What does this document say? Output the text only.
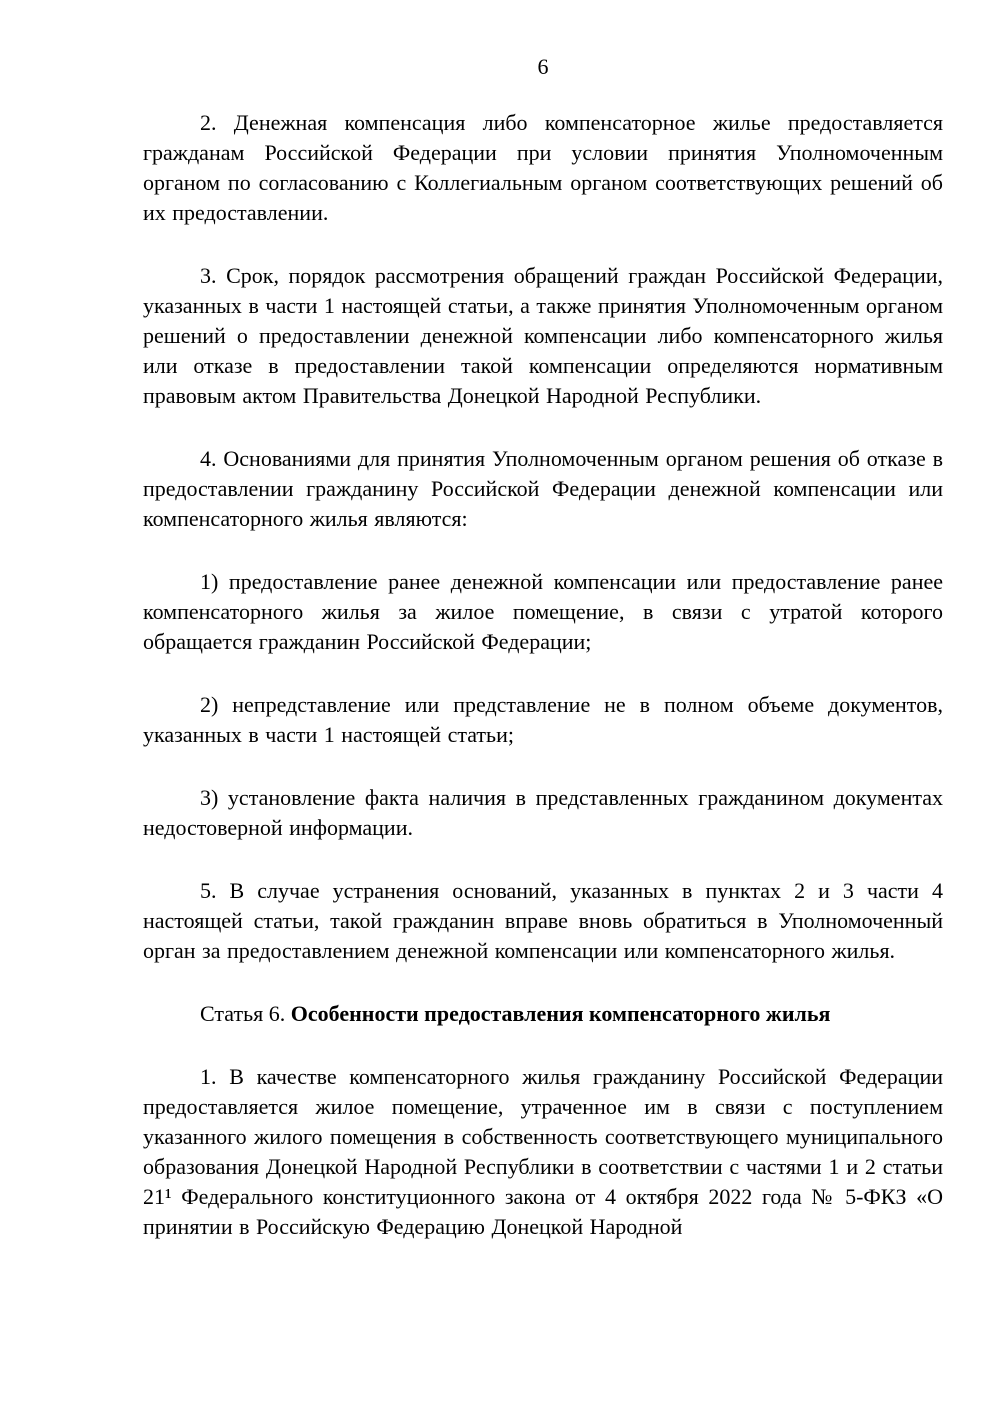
6

2. Денежная компенсация либо компенсаторное жилье предоставляется гражданам Российской Федерации при условии принятия Уполномоченным органом по согласованию с Коллегиальным органом соответствующих решений об их предоставлении.

3. Срок, порядок рассмотрения обращений граждан Российской Федерации, указанных в части 1 настоящей статьи, а также принятия Уполномоченным органом решений о предоставлении денежной компенсации либо компенсаторного жилья или отказе в предоставлении такой компенсации определяются нормативным правовым актом Правительства Донецкой Народной Республики.

4. Основаниями для принятия Уполномоченным органом решения об отказе в предоставлении гражданину Российской Федерации денежной компенсации или компенсаторного жилья являются:

1) предоставление ранее денежной компенсации или предоставление ранее компенсаторного жилья за жилое помещение, в связи с утратой которого обращается гражданин Российской Федерации;

2) непредставление или представление не в полном объеме документов, указанных в части 1 настоящей статьи;

3) установление факта наличия в представленных гражданином документах недостоверной информации.

5. В случае устранения оснований, указанных в пунктах 2 и 3 части 4 настоящей статьи, такой гражданин вправе вновь обратиться в Уполномоченный орган за предоставлением денежной компенсации или компенсаторного жилья.

Статья 6. Особенности предоставления компенсаторного жилья

1. В качестве компенсаторного жилья гражданину Российской Федерации предоставляется жилое помещение, утраченное им в связи с поступлением указанного жилого помещения в собственность соответствующего муниципального образования Донецкой Народной Республики в соответствии с частями 1 и 2 статьи 21¹ Федерального конституционного закона от 4 октября 2022 года № 5-ФКЗ «О принятии в Российскую Федерацию Донецкой Народной
